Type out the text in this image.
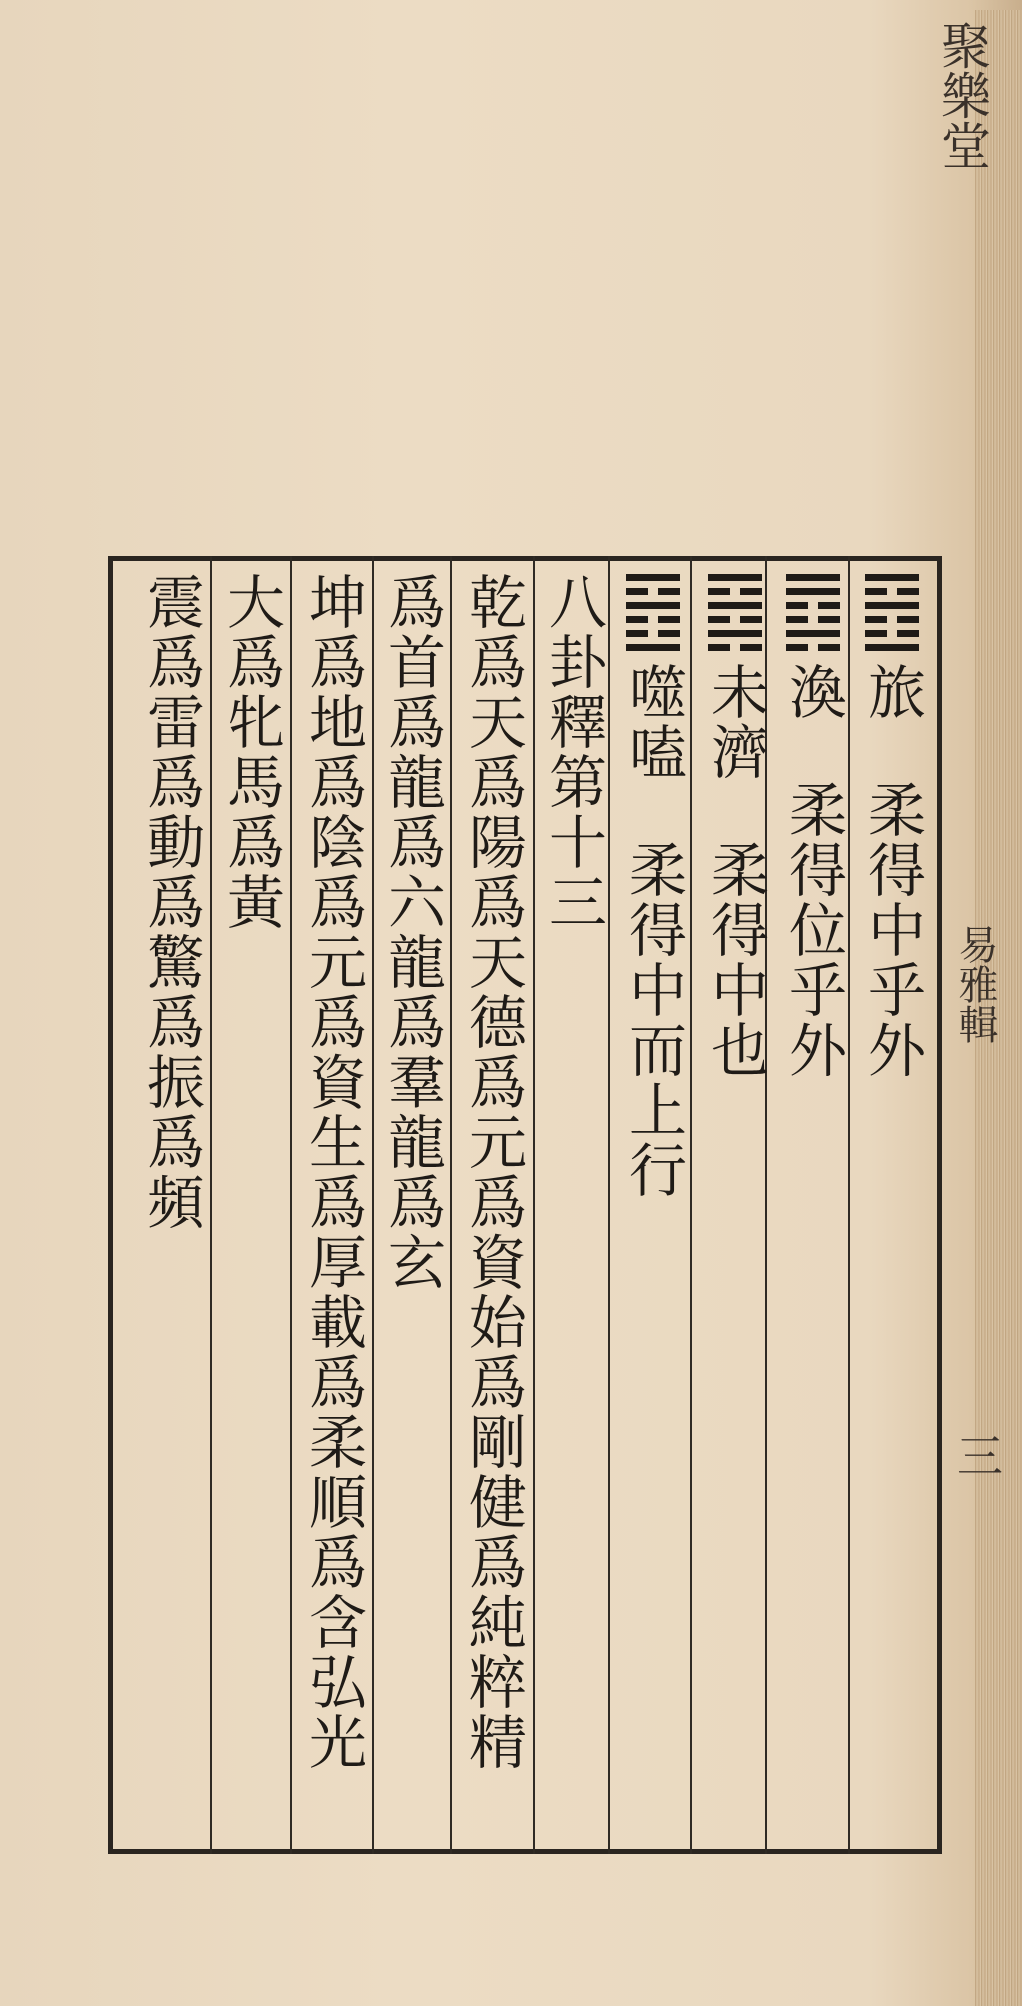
聚樂堂
易雅輯
三
旅
柔得中乎外
渙
柔得位乎外
未濟
柔得中也
噬嗑
柔得中而上行
八卦釋第十三
乾爲天爲陽爲天德爲元爲資始爲剛健爲純粹精
爲首爲龍爲六龍爲羣龍爲玄
坤爲地爲陰爲元爲資生爲厚載爲柔順爲含弘光
大爲牝馬爲黃
震爲雷爲動爲驚爲振爲頻
